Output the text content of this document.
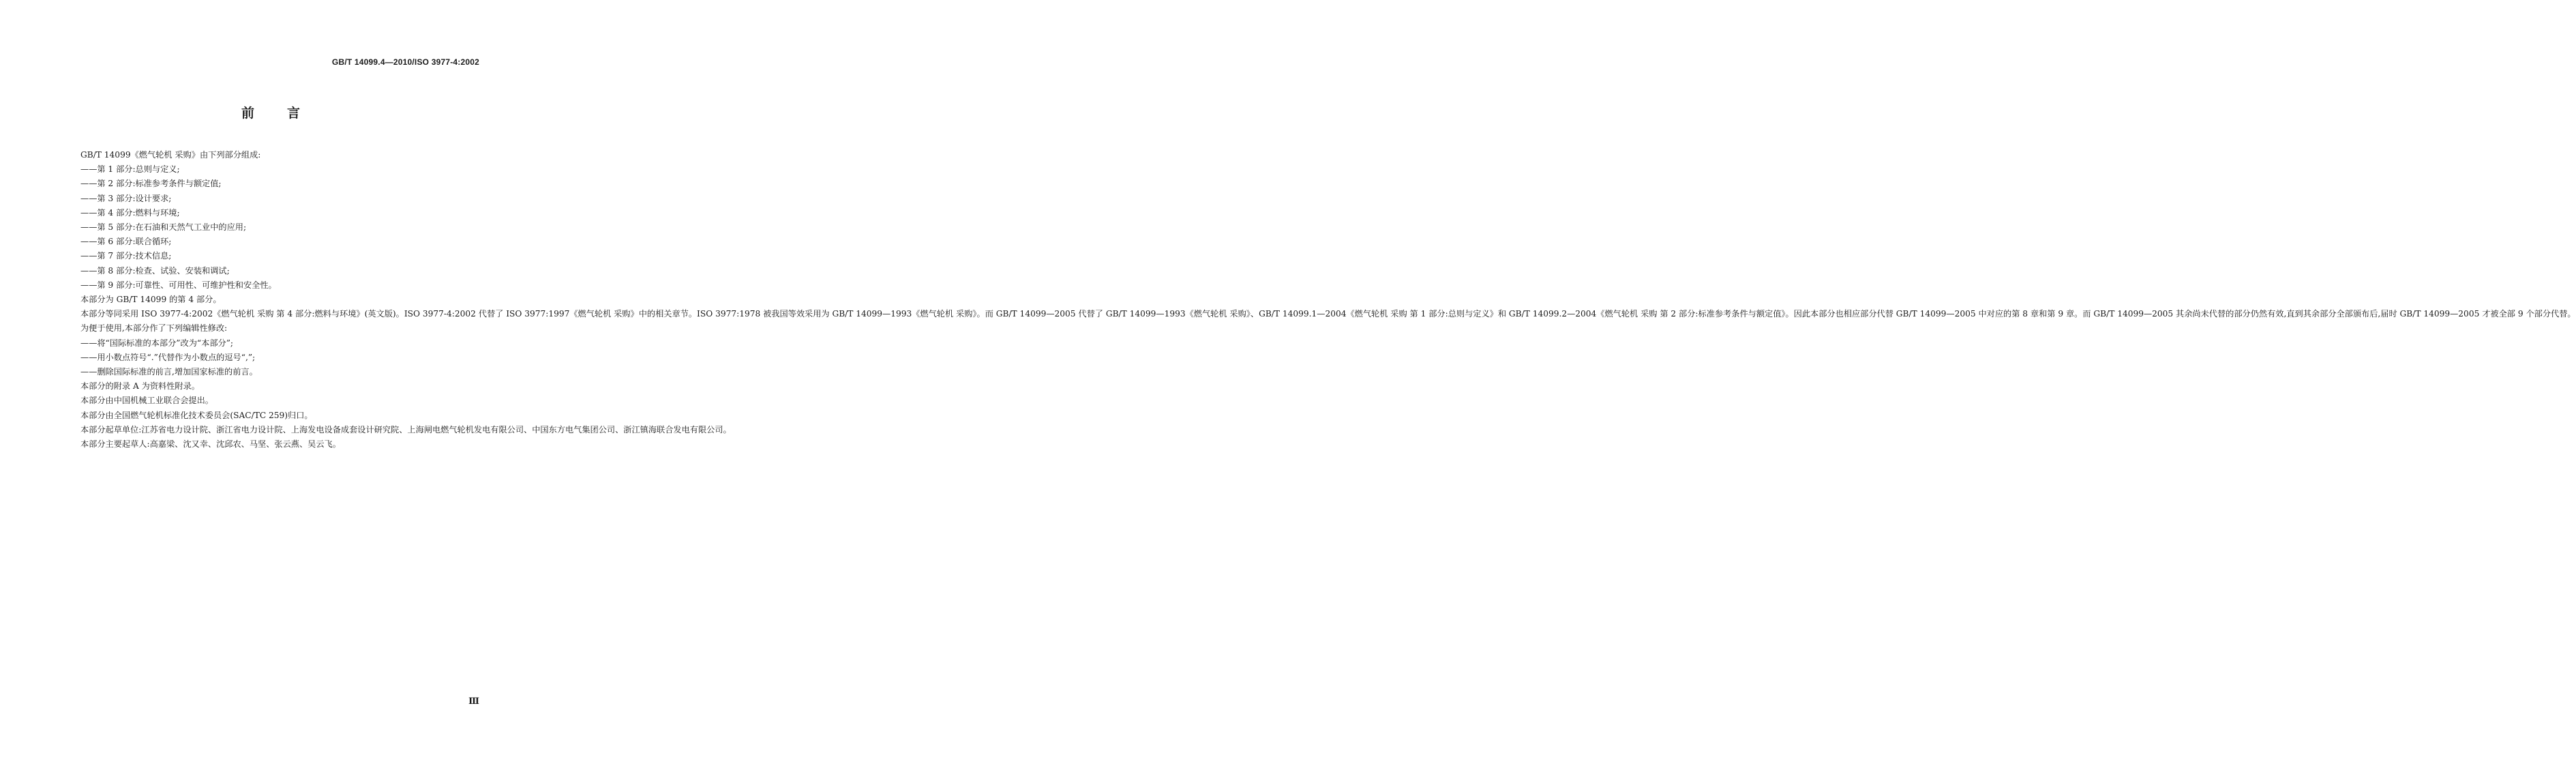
GB/T 14099.4—2010/ISO 3977-4:2002
前言

GB/T 14099《燃气轮机 采购》由下列部分组成:

——第 1 部分:总则与定义;

——第 2 部分:标准参考条件与额定值;

——第 3 部分:设计要求;

——第 4 部分:燃料与环境;

——第 5 部分:在石油和天然气工业中的应用;

——第 6 部分:联合循环;

——第 7 部分:技术信息;

——第 8 部分:检查、试验、安装和调试;

——第 9 部分:可靠性、可用性、可维护性和安全性。

本部分为 GB/T 14099 的第 4 部分。

本部分等同采用 ISO 3977-4:2002《燃气轮机 采购 第 4 部分:燃料与环境》(英文版)。ISO 3977-4:2002 代替了 ISO 3977:1997《燃气轮机 采购》中的相关章节。ISO 3977:1978 被我国等效采用为 GB/T 14099—1993《燃气轮机 采购》。而 GB/T 14099—2005 代替了 GB/T 14099—1993《燃气轮机 采购》、GB/T 14099.1—2004《燃气轮机 采购 第 1 部分:总则与定义》和 GB/T 14099.2—2004《燃气轮机 采购 第 2 部分:标准参考条件与额定值》。因此本部分也相应部分代替 GB/T 14099—2005 中对应的第 8 章和第 9 章。而 GB/T 14099—2005 其余尚未代替的部分仍然有效,直到其余部分全部颁布后,届时 GB/T 14099—2005 才被全部 9 个部分代替。

为便于使用,本部分作了下列编辑性修改:

——将“国际标准的本部分”改为“本部分”;

——用小数点符号“.”代替作为小数点的逗号“,”;

——删除国际标准的前言,增加国家标准的前言。

本部分的附录 A 为资料性附录。

本部分由中国机械工业联合会提出。

本部分由全国燃气轮机标准化技术委员会(SAC/TC 259)归口。

本部分起草单位:江苏省电力设计院、浙江省电力设计院、上海发电设备成套设计研究院、上海闸电燃气轮机发电有限公司、中国东方电气集团公司、浙江镇海联合发电有限公司。

本部分主要起草人:高嘉梁、沈又幸、沈邱农、马坚、张云燕、吴云飞。

Ⅲ
